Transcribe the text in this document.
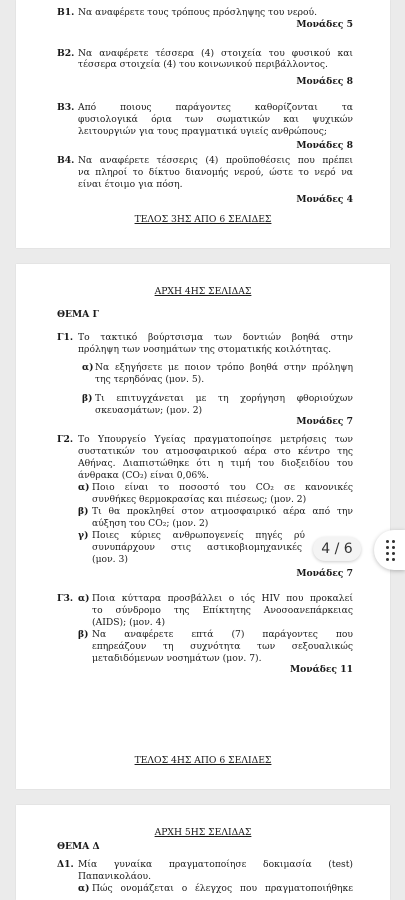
Β1. Να αναφέρετε τους τρόπους πρόσληψης του νερού.
Μονάδες 5
Β2. Να αναφέρετε τέσσερα (4) στοιχεία του φυσικού και
τέσσερα στοιχεία (4) του κοινωνικού περιβάλλοντος.
Μονάδες 8
Β3. Από ποιους παράγοντες καθορίζονται τα
φυσιολογικά όρια των σωματικών και ψυχικών
λειτουργιών για τους πραγματικά υγιείς ανθρώπους;
Μονάδες 8
Β4. Να αναφέρετε τέσσερις (4) προϋποθέσεις που πρέπει
να πληροί το δίκτυο διανομής νερού, ώστε το νερό να
είναι έτοιμο για πόση.
Μονάδες 4
ΤΕΛΟΣ 3ΗΣ ΑΠΟ 6 ΣΕΛΙΔΕΣ
ΑΡΧΗ 4ΗΣ ΣΕΛΙΔΑΣ
ΘΕΜΑ Γ
Γ1. Το τακτικό βούρτσισμα των δοντιών βοηθά στην
πρόληψη των νοσημάτων της στοματικής κοιλότητας.
α) Να εξηγήσετε με ποιον τρόπο βοηθά στην πρόληψη
της τερηδόνας (μον. 5).
β) Τι επιτυγχάνεται με τη χορήγηση φθοριούχων
σκευασμάτων; (μον. 2)
Μονάδες 7
Γ2. Το Υπουργείο Υγείας πραγματοποίησε μετρήσεις των
συστατικών του ατμοσφαιρικού αέρα στο κέντρο της
Αθήνας. Διαπιστώθηκε ότι η τιμή του διοξειδίου του
άνθρακα (CO₂) είναι 0,06%.
α) Ποιο είναι το ποσοστό του CO₂ σε κανονικές
συνθήκες θερμοκρασίας και πιέσεως; (μον. 2)
β) Τι θα προκληθεί στον ατμοσφαιρικό αέρα από την
αύξηση του CO₂; (μον. 2)
γ) Ποιες κύριες ανθρωπογενείς πηγές ρύ
συνυπάρχουν στις αστικοβιομηχανικές
(μον. 3)
Μονάδες 7
Γ3. α) Ποια κύτταρα προσβάλλει ο ιός HIV που προκαλεί
το σύνδρομο της Επίκτητης Ανοσοανεπάρκειας
(AIDS); (μον. 4)
β) Να αναφέρετε επτά (7) παράγοντες που
επηρεάζουν τη συχνότητα των σεξουαλικώς
μεταδιδόμενων νοσημάτων (μον. 7).
Μονάδες 11
ΤΕΛΟΣ 4ΗΣ ΑΠΟ 6 ΣΕΛΙΔΕΣ
ΑΡΧΗ 5ΗΣ ΣΕΛΙΔΑΣ
ΘΕΜΑ Δ
Δ1. Μία γυναίκα πραγματοποίησε δοκιμασία (test)
Παπανικολάου.
α) Πώς ονομάζεται ο έλεγχος που πραγματοποιήθηκε
4 / 6
